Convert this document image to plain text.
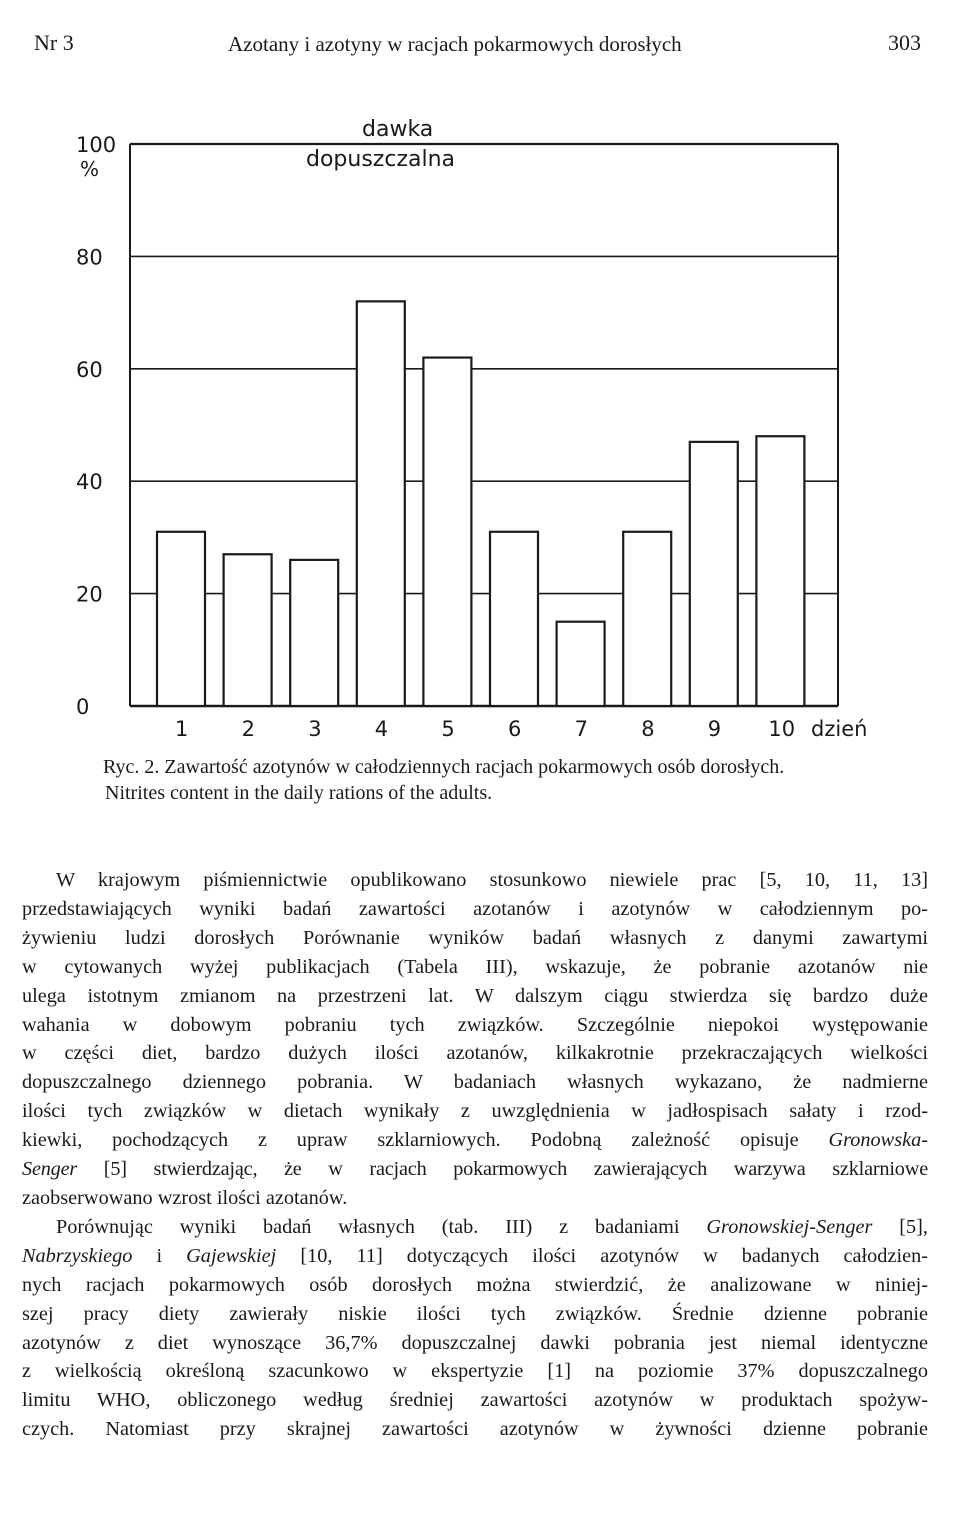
Nr 3	Azotany i azotyny w racjach pokarmowych dorosłych	303
0
20
40
60
80
100
%
dawka
dopuszczalna
1	2	3	4	5	6	7	8	9 10 dzień
Ryc. 2. Zawartość azotynów w całodziennych racjach pokarmowych osób dorosłych.
Nitrites content in the daily rations of the adults.
W krajowym piśmiennictwie opublikowano stosunkowo niewiele prac [5, 10, 11, 13]
przedstawiających wyniki badań zawartości azotanów i azotynów w całodziennym po-
żywieniu ludzi dorosłych Porównanie wyników badań własnych z danymi zawartymi
w cytowanych wyżej publikacjach (Tabela III), wskazuje, że pobranie azotanów nie
ulega istotnym zmianom na przestrzeni lat. W dalszym ciągu stwierdza się bardzo duże
wahania w dobowym pobraniu tych związków. Szczególnie niepokoi występowanie
w części diet, bardzo dużych ilości azotanów, kilkakrotnie przekraczających wielkości
dopuszczalnego dziennego pobrania. W badaniach własnych wykazano, że nadmierne
ilości tych związków w dietach wynikały z uwzględnienia w jadłospisach sałaty i rzod-
kiewki, pochodzących z upraw szklarniowych. Podobną zależność opisuje Gronowska-
Senger [5] stwierdzając, że w racjach pokarmowych zawierających warzywa szklarniowe
zaobserwowano wzrost ilości azotanów.
Porównując wyniki badań własnych (tab. III) z badaniami Gronowskiej-Senger [5],
Nabrzyskiego i Gajewskiej [10, 11] dotyczących ilości azotynów w badanych całodzien-
nych racjach pokarmowych osób dorosłych można stwierdzić, że analizowane w niniej-
szej pracy diety zawierały niskie ilości tych związków. Średnie dzienne pobranie
azotynów z diet wynoszące 36,7% dopuszczalnej dawki pobrania jest niemal identyczne
z wielkością określoną szacunkowo w ekspertyzie [1] na poziomie 37% dopuszczalnego
limitu WHO, obliczonego według średniej zawartości azotynów w produktach spożyw-
czych. Natomiast przy skrajnej zawartości azotynów w żywności dzienne pobranie
